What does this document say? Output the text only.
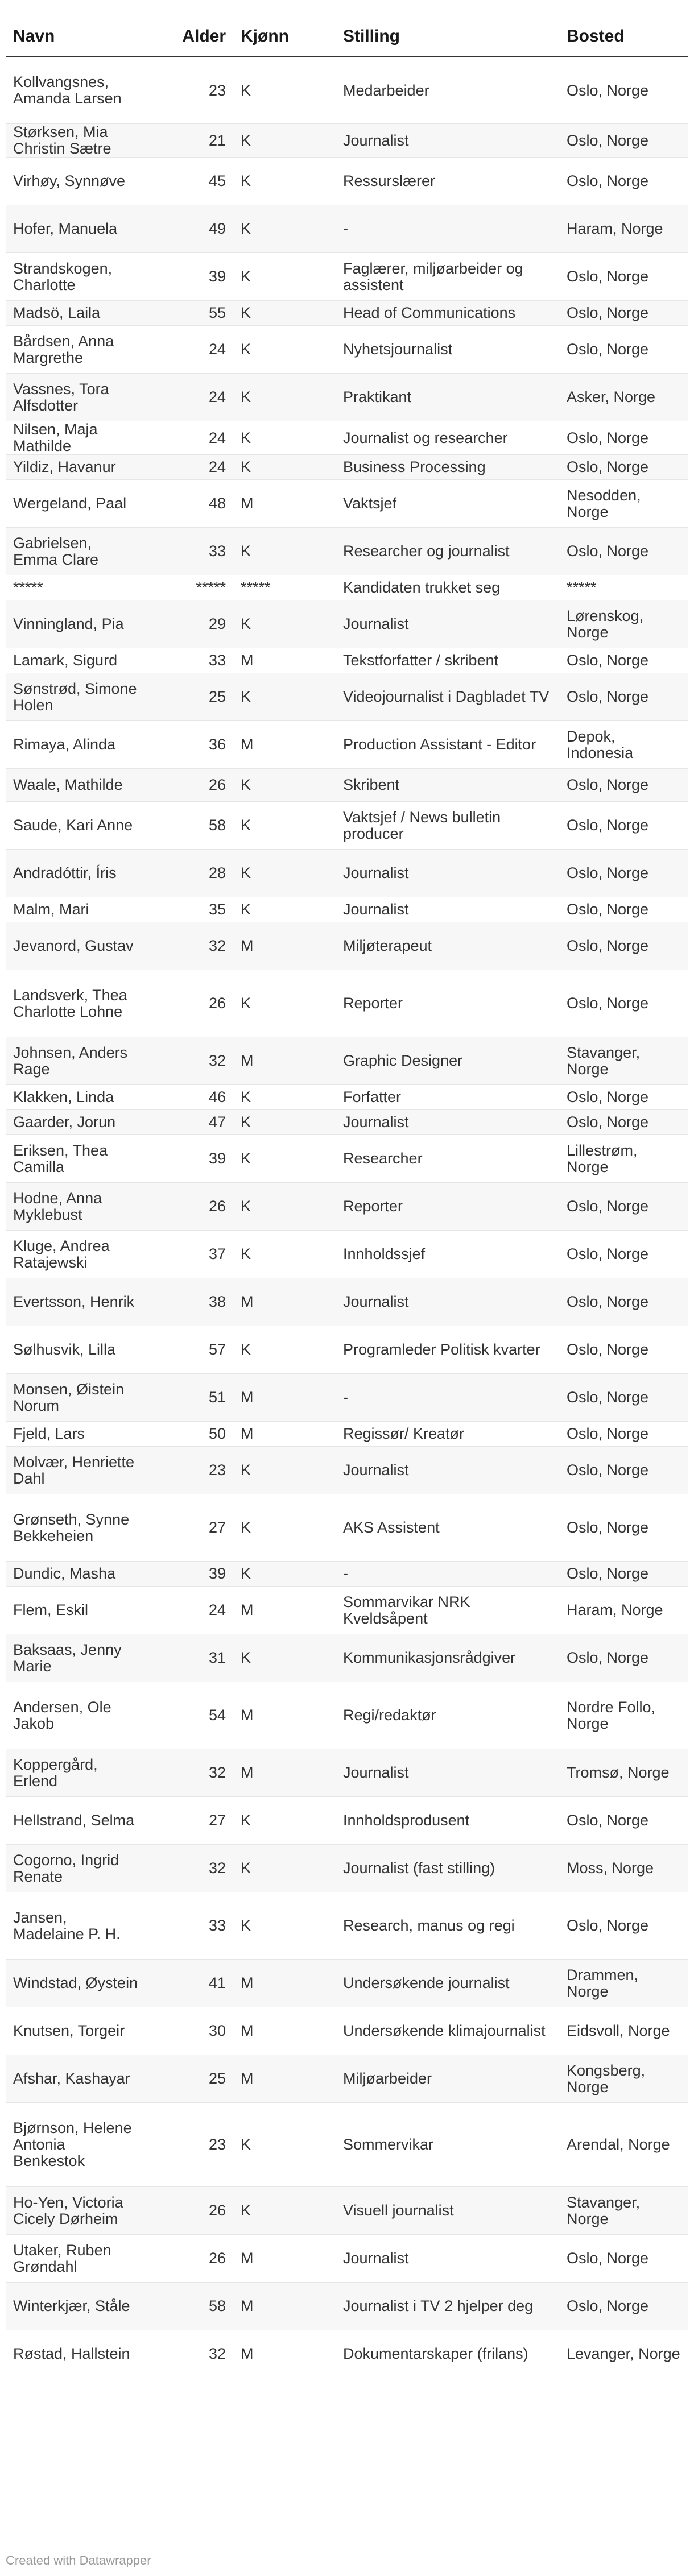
Navn	Alder	Kjønn	Stilling	Bosted
Kollvangsnes, Amanda Larsen	23	K	Medarbeider	Oslo, Norge
Størksen, Mia Christin Sætre	21	K	Journalist	Oslo, Norge
Virhøy, Synnøve	45	K	Ressurslærer	Oslo, Norge
Hofer, Manuela	49	K	-	Haram, Norge
Strandskogen, Charlotte	39	K	Faglærer, miljøarbeider og assistent	Oslo, Norge
Madsö, Laila	55	K	Head of Communications	Oslo, Norge
Bårdsen, Anna Margrethe	24	K	Nyhetsjournalist	Oslo, Norge
Vassnes, Tora Alfsdotter	24	K	Praktikant	Asker, Norge
Nilsen, Maja Mathilde	24	K	Journalist og researcher	Oslo, Norge
Yildiz, Havanur	24	K	Business Processing	Oslo, Norge
Wergeland, Paal	48	M	Vaktsjef	Nesodden, Norge
Gabrielsen, Emma Clare	33	K	Researcher og journalist	Oslo, Norge
*****	*****	*****	Kandidaten trukket seg	*****
Vinningland, Pia	29	K	Journalist	Lørenskog, Norge
Lamark, Sigurd	33	M	Tekstforfatter / skribent	Oslo, Norge
Sønstrød, Simone Holen	25	K	Videojournalist i Dagbladet TV	Oslo, Norge
Rimaya, Alinda	36	M	Production Assistant - Editor	Depok, Indonesia
Waale, Mathilde	26	K	Skribent	Oslo, Norge
Saude, Kari Anne	58	K	Vaktsjef / News bulletin producer	Oslo, Norge
Andradóttir, Íris	28	K	Journalist	Oslo, Norge
Malm, Mari	35	K	Journalist	Oslo, Norge
Jevanord, Gustav	32	M	Miljøterapeut	Oslo, Norge
Landsverk, Thea Charlotte Lohne	26	K	Reporter	Oslo, Norge
Johnsen, Anders Rage	32	M	Graphic Designer	Stavanger, Norge
Klakken, Linda	46	K	Forfatter	Oslo, Norge
Gaarder, Jorun	47	K	Journalist	Oslo, Norge
Eriksen, Thea Camilla	39	K	Researcher	Lillestrøm, Norge
Hodne, Anna Myklebust	26	K	Reporter	Oslo, Norge
Kluge, Andrea Ratajewski	37	K	Innholdssjef	Oslo, Norge
Evertsson, Henrik	38	M	Journalist	Oslo, Norge
Sølhusvik, Lilla	57	K	Programleder Politisk kvarter	Oslo, Norge
Monsen, Øistein Norum	51	M	-	Oslo, Norge
Fjeld, Lars	50	M	Regissør/ Kreatør	Oslo, Norge
Molvær, Henriette Dahl	23	K	Journalist	Oslo, Norge
Grønseth, Synne Bekkeheien	27	K	AKS Assistent	Oslo, Norge
Dundic, Masha	39	K	-	Oslo, Norge
Flem, Eskil	24	M	Sommarvikar NRK Kveldsåpent	Haram, Norge
Baksaas, Jenny Marie	31	K	Kommunikasjonsrådgiver	Oslo, Norge
Andersen, Ole Jakob	54	M	Regi/redaktør	Nordre Follo, Norge
Koppergård, Erlend	32	M	Journalist	Tromsø, Norge
Hellstrand, Selma	27	K	Innholdsprodusent	Oslo, Norge
Cogorno, Ingrid Renate	32	K	Journalist (fast stilling)	Moss, Norge
Jansen, Madelaine P. H.	33	K	Research, manus og regi	Oslo, Norge
Windstad, Øystein	41	M	Undersøkende journalist	Drammen, Norge
Knutsen, Torgeir	30	M	Undersøkende klimajournalist	Eidsvoll, Norge
Afshar, Kashayar	25	M	Miljøarbeider	Kongsberg, Norge
Bjørnson, Helene Antonia Benkestok	23	K	Sommervikar	Arendal, Norge
Ho-Yen, Victoria Cicely Dørheim	26	K	Visuell journalist	Stavanger, Norge
Utaker, Ruben Grøndahl	26	M	Journalist	Oslo, Norge
Winterkjær, Ståle	58	M	Journalist i TV 2 hjelper deg	Oslo, Norge
Røstad, Hallstein	32	M	Dokumentarskaper (frilans)	Levanger, Norge
Created with Datawrapper
